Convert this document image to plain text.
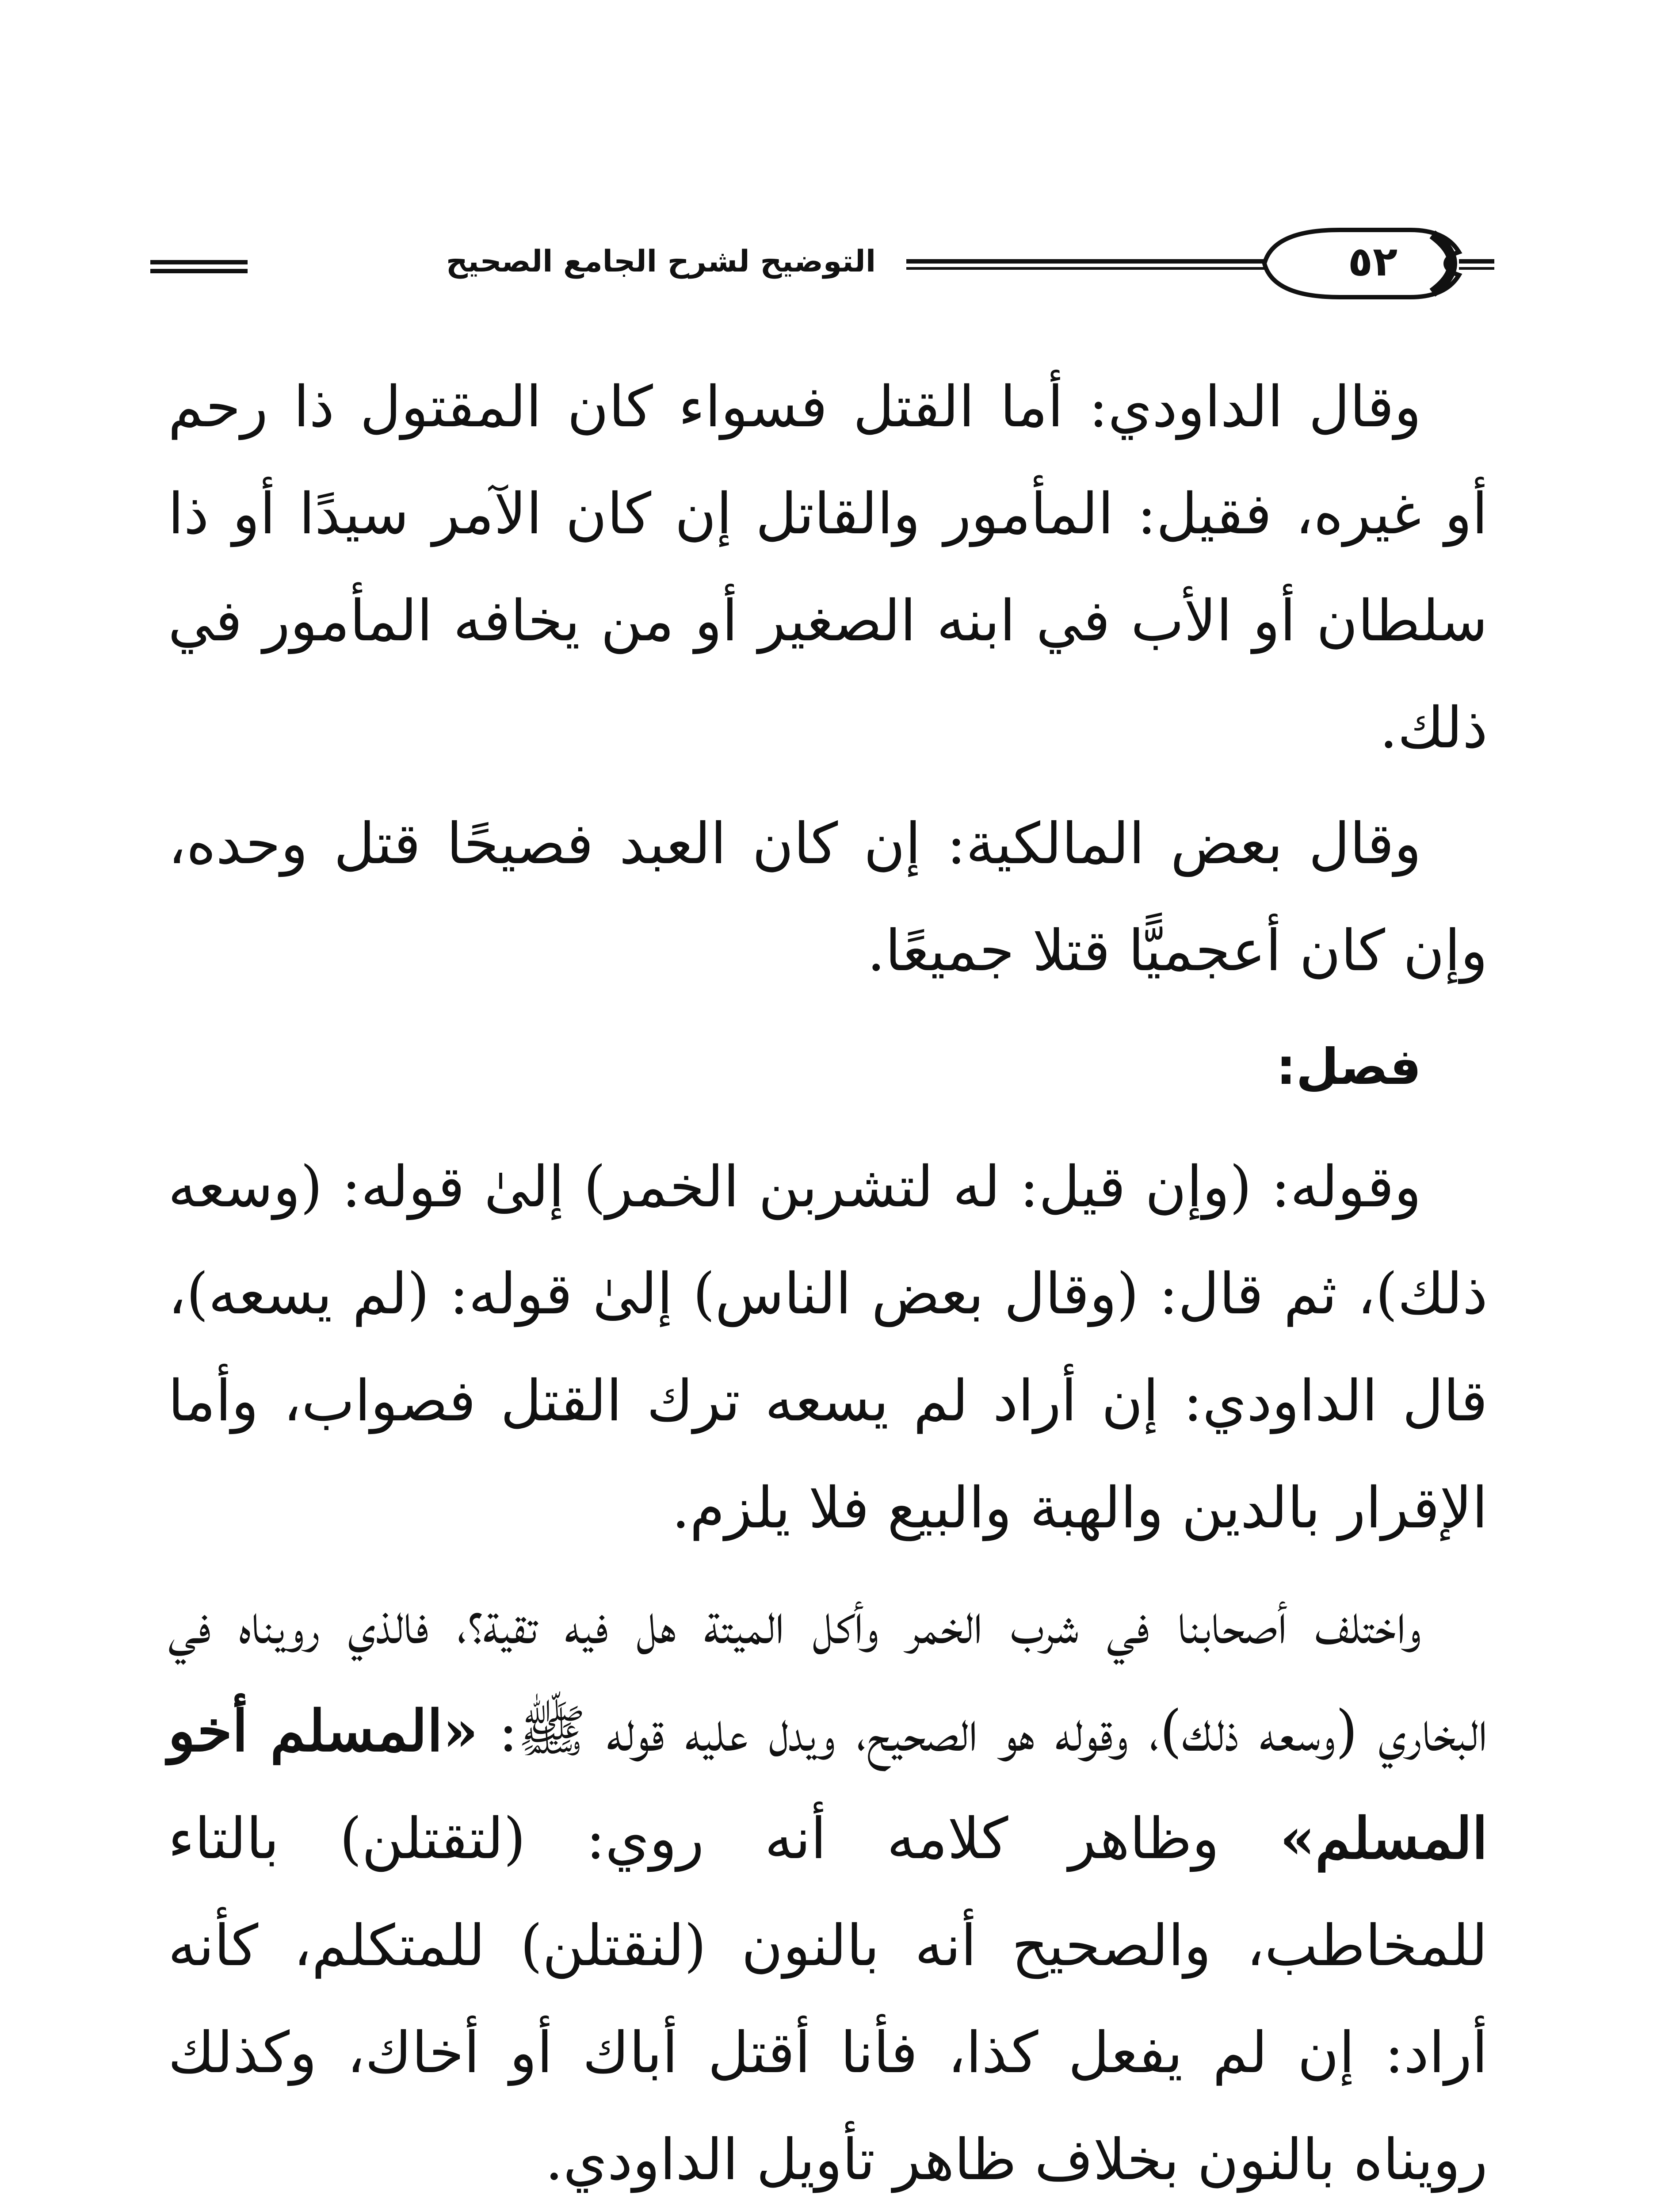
التوضيح لشرح الجامع الصحيح	٥٢

وقال الداودي: أما القتل فسواء كان المقتول ذا رحم أو غيره، فقيل: المأمور والقاتل إن كان الآمر سيدًا أو ذا سلطان أو الأب في ابنه الصغير أو من يخافه المأمور في ذلك.

وقال بعض المالكية: إن كان العبد فصيحًا قتل وحده، وإن كان أعجميًّا قتلا جميعًا.

فصل:

وقوله: (وإن قيل: له لتشربن الخمر) إلىٰ قوله: (وسعه ذلك)، ثم قال: (وقال بعض الناس) إلىٰ قوله: (لم يسعه)، قال الداودي: إن أراد لم يسعه ترك القتل فصواب، وأما الإقرار بالدين والهبة والبيع فلا يلزم.

واختلف أصحابنا في شرب الخمر وأكل الميتة هل فيه تقية؟، فالذي رويناه في البخاري (وسعه ذلك)، وقوله هو الصحيح، ويدل عليه قوله ﷺ: «المسلم أخو المسلم» وظاهر كلامه أنه روي: (لتقتلن) بالتاء للمخاطب، والصحيح أنه بالنون (لنقتلن) للمتكلم، كأنه أراد: إن لم يفعل كذا، فأنا أقتل أباك أو أخاك، وكذلك رويناه بالنون بخلاف ظاهر تأويل الداودي.
